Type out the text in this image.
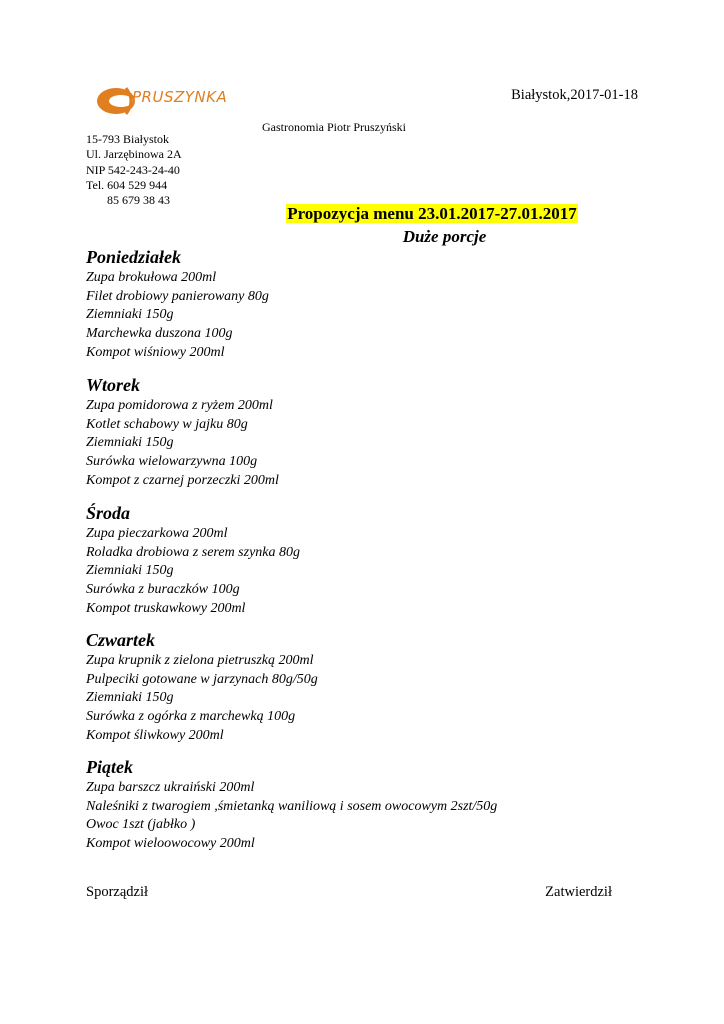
PRUSZYNKA	Białystok,2017-01-18
Gastronomia Piotr Pruszyński
15-793 Białystok
Ul. Jarzębinowa 2A
NIP 542-243-24-40
Tel. 604 529 944
85 679 38 43
Propozycja menu 23.01.2017-27.01.2017
Duże porcje
Poniedziałek
Zupa brokułowa 200ml
Filet drobiowy panierowany 80g
Ziemniaki 150g
Marchewka duszona 100g
Kompot wiśniowy 200ml
Wtorek
Zupa pomidorowa z ryżem 200ml
Kotlet schabowy w jajku 80g
Ziemniaki 150g
Surówka wielowarzywna 100g
Kompot z czarnej porzeczki 200ml
Środa
Zupa pieczarkowa 200ml
Roladka drobiowa z serem szynka 80g
Ziemniaki 150g
Surówka z buraczków 100g
Kompot truskawkowy 200ml
Czwartek
Zupa krupnik z zielona pietruszką 200ml
Pulpeciki gotowane w jarzynach 80g/50g
Ziemniaki 150g
Surówka z ogórka z marchewką 100g
Kompot śliwkowy 200ml
Piątek
Zupa barszcz ukraiński 200ml
Naleśniki z twarogiem ,śmietanką waniliową i sosem owocowym 2szt/50g
Owoc 1szt (jabłko )
Kompot wieloowocowy 200ml
Sporządził	Zatwierdził
